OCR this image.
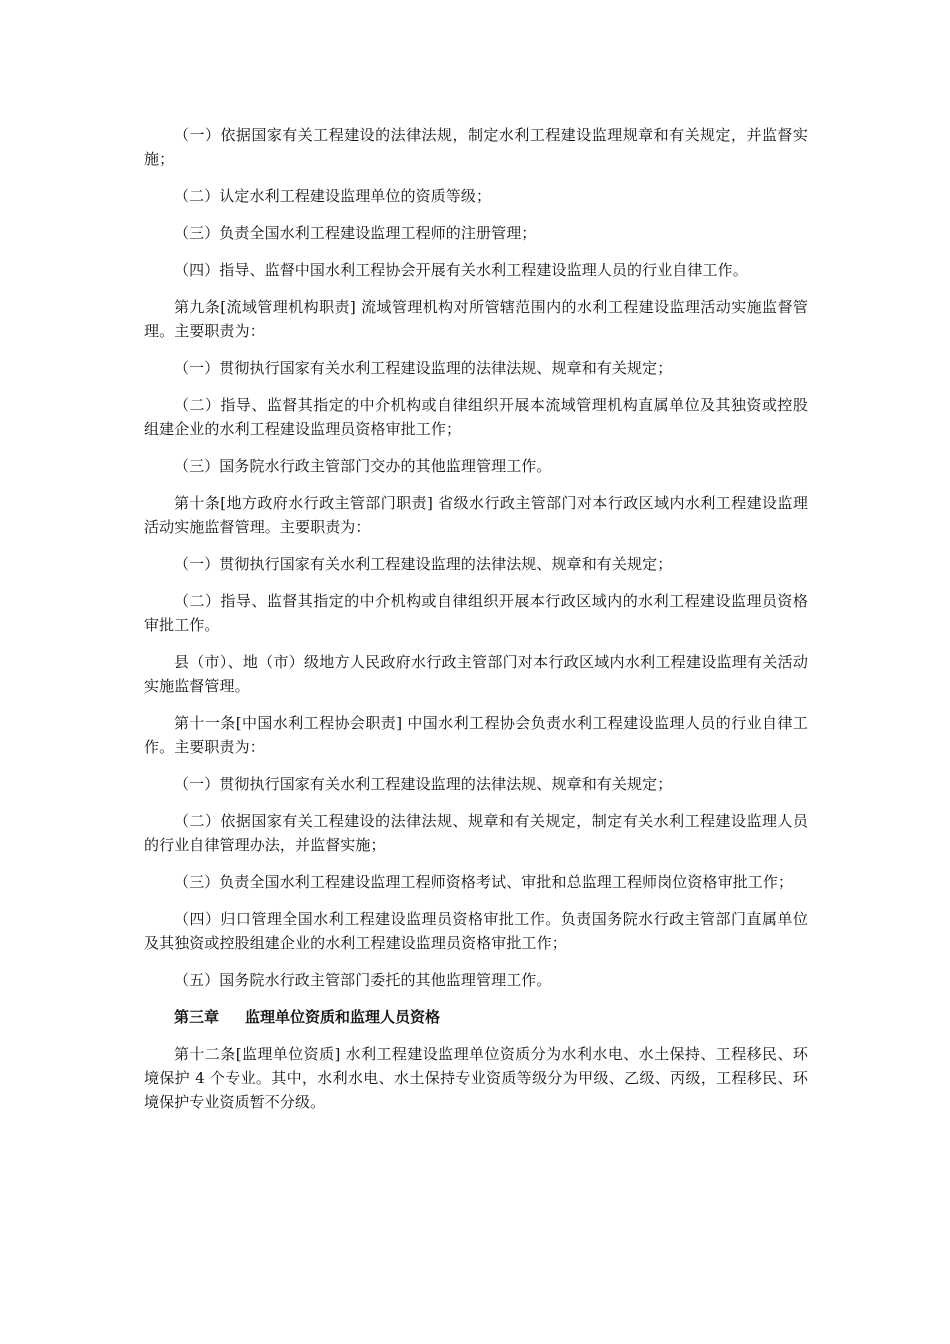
（一）依据国家有关工程建设的法律法规，制定水利工程建设监理规章和有关规定，并监督实施；

（二）认定水利工程建设监理单位的资质等级；

（三）负责全国水利工程建设监理工程师的注册管理；

（四）指导、监督中国水利工程协会开展有关水利工程建设监理人员的行业自律工作。

第九条[流域管理机构职责] 流域管理机构对所管辖范围内的水利工程建设监理活动实施监督管理。主要职责为：

（一）贯彻执行国家有关水利工程建设监理的法律法规、规章和有关规定；

（二）指导、监督其指定的中介机构或自律组织开展本流域管理机构直属单位及其独资或控股组建企业的水利工程建设监理员资格审批工作；

（三）国务院水行政主管部门交办的其他监理管理工作。

第十条[地方政府水行政主管部门职责] 省级水行政主管部门对本行政区域内水利工程建设监理活动实施监督管理。主要职责为：

（一）贯彻执行国家有关水利工程建设监理的法律法规、规章和有关规定；

（二）指导、监督其指定的中介机构或自律组织开展本行政区域内的水利工程建设监理员资格审批工作。

县（市）、地（市）级地方人民政府水行政主管部门对本行政区域内水利工程建设监理有关活动实施监督管理。

第十一条[中国水利工程协会职责] 中国水利工程协会负责水利工程建设监理人员的行业自律工作。主要职责为：

（一）贯彻执行国家有关水利工程建设监理的法律法规、规章和有关规定；

（二）依据国家有关工程建设的法律法规、规章和有关规定，制定有关水利工程建设监理人员的行业自律管理办法，并监督实施；

（三）负责全国水利工程建设监理工程师资格考试、审批和总监理工程师岗位资格审批工作；

（四）归口管理全国水利工程建设监理员资格审批工作。负责国务院水行政主管部门直属单位及其独资或控股组建企业的水利工程建设监理员资格审批工作；

（五）国务院水行政主管部门委托的其他监理管理工作。

第三章 监理单位资质和监理人员资格

第十二条[监理单位资质] 水利工程建设监理单位资质分为水利水电、水土保持、工程移民、环境保护 4 个专业。其中，水利水电、水土保持专业资质等级分为甲级、乙级、丙级，工程移民、环境保护专业资质暂不分级。
